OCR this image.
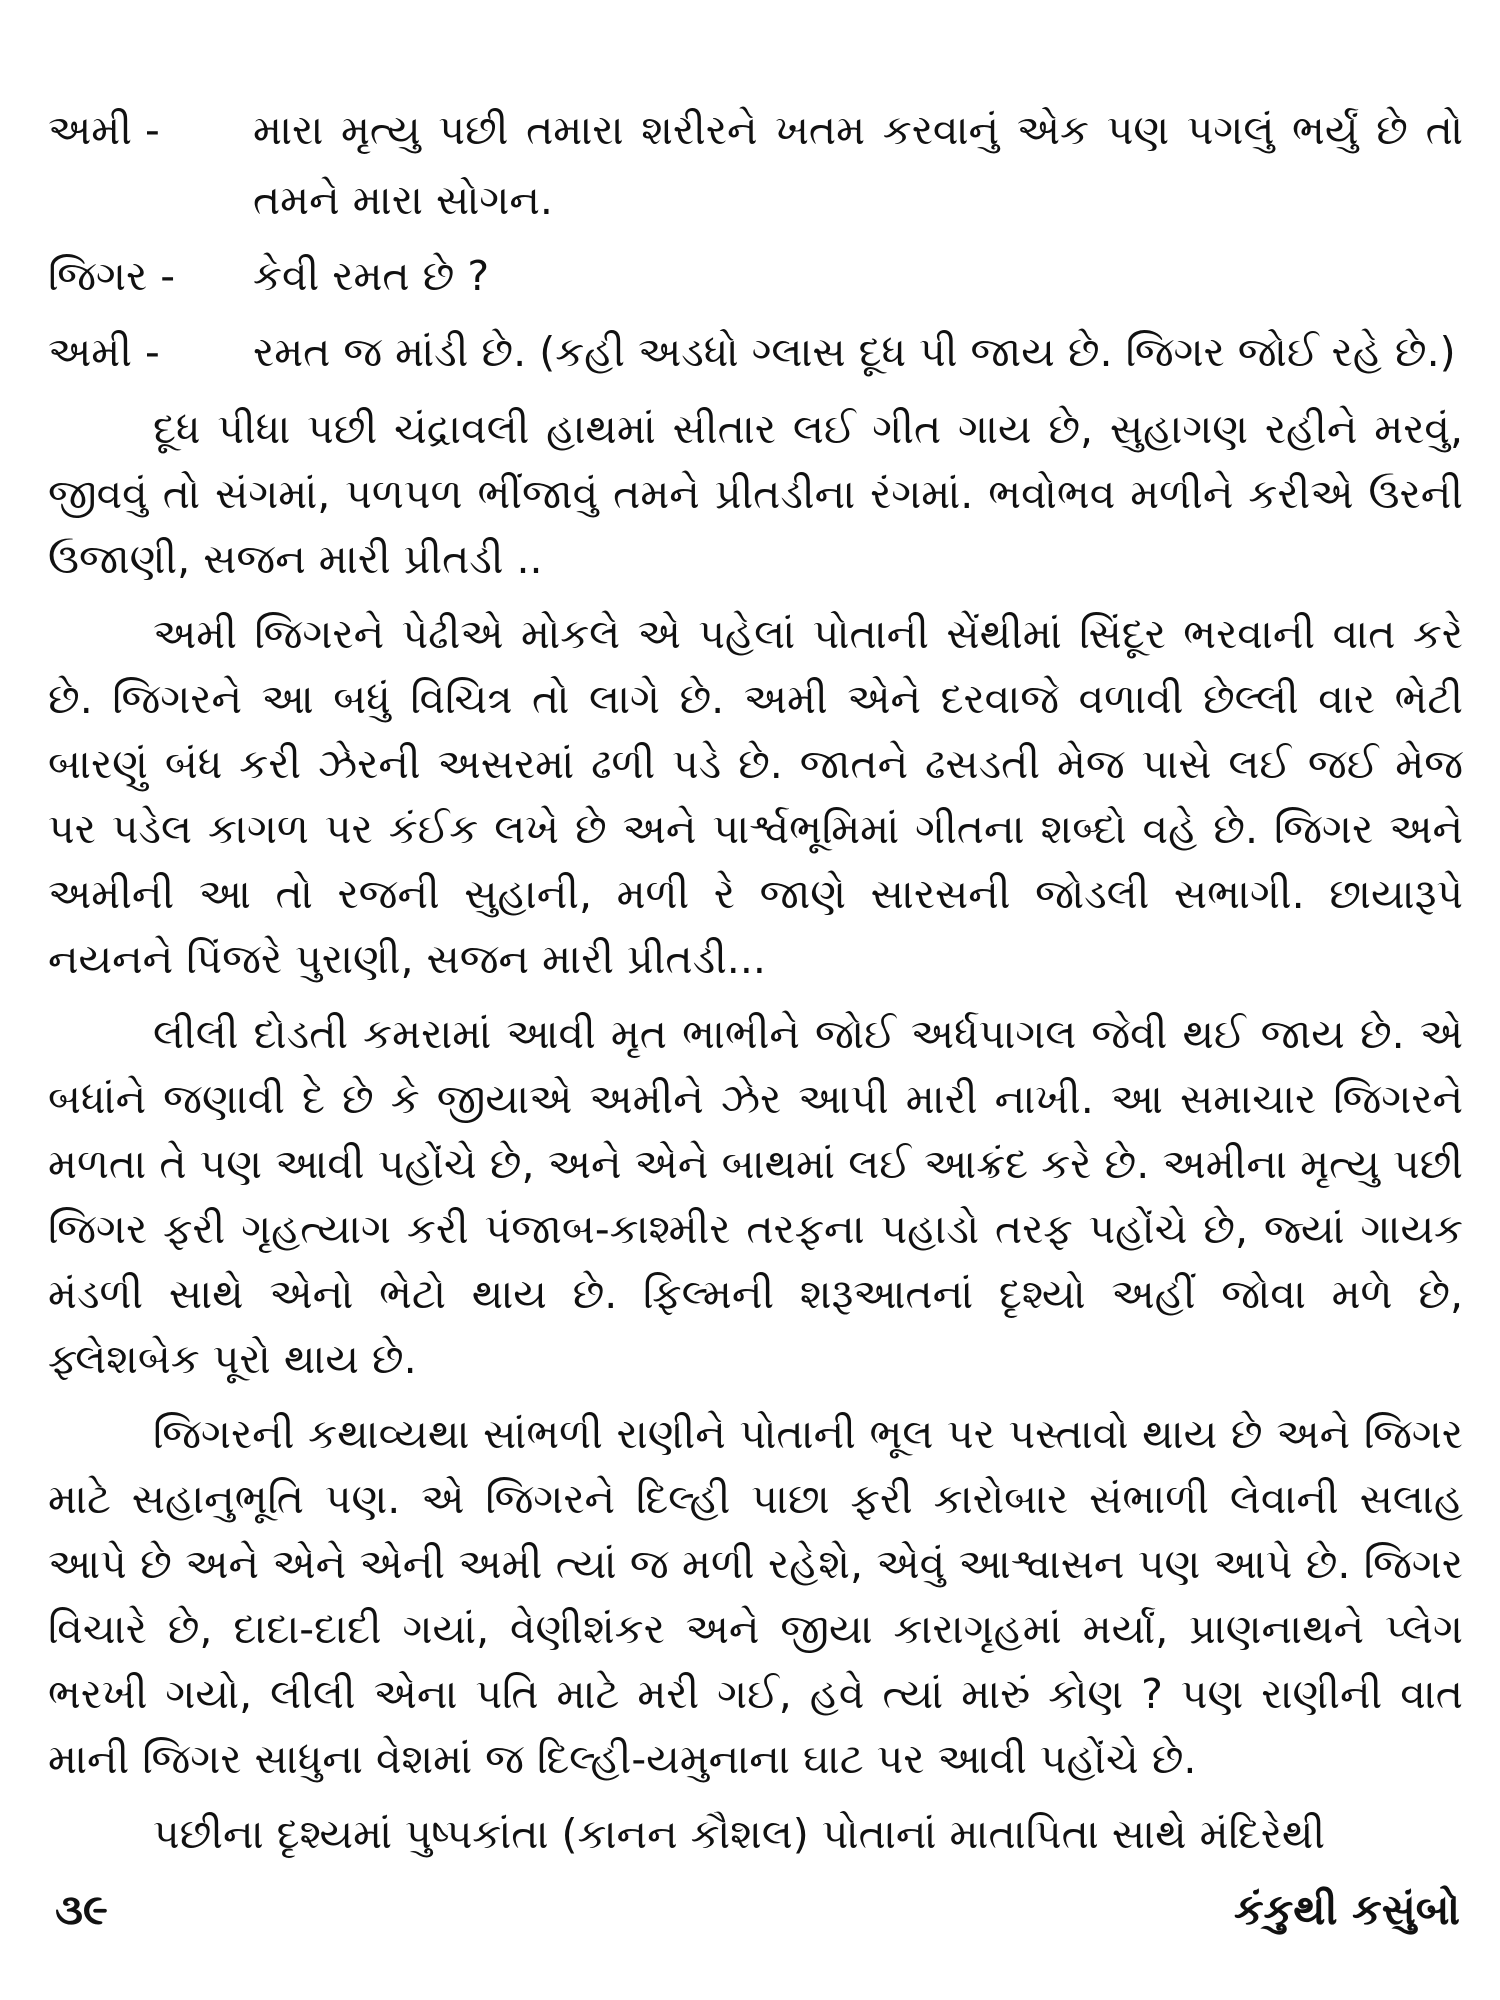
અમી -	મારા મૃત્યુ પછી તમારા શરીરને ખતમ કરવાનું એક પણ પગલું ભર્યું છે તો તમને મારા સોગન.
જિગર -	કેવી રમત છે ?
અમી -	રમત જ માંડી છે. (કહી અડધો ગ્લાસ દૂધ પી જાય છે. જિગર જોઈ રહે છે.)

દૂધ પીધા પછી ચંદ્રાવલી હાથમાં સીતાર લઈ ગીત ગાય છે, સુહાગણ રહીને મરવું, જીવવું તો સંગમાં, પળપળ ભીંજાવું તમને પ્રીતડીના રંગમાં. ભવોભવ મળીને કરીએ ઉરની ઉજાણી, સજન મારી પ્રીતડી ..

અમી જિગરને પેઢીએ મોકલે એ પહેલાં પોતાની સેંથીમાં સિંદૂર ભરવાની વાત કરે છે. જિગરને આ બધું વિચિત્ર તો લાગે છે. અમી એને દરવાજે વળાવી છેલ્લી વાર ભેટી બારણું બંધ કરી ઝેરની અસરમાં ઢળી પડે છે. જાતને ઢસડતી મેજ પાસે લઈ જઈ મેજ પર પડેલ કાગળ પર કંઈક લખે છે અને પાર્શ્વભૂમિમાં ગીતના શબ્દો વહે છે. જિગર અને અમીની આ તો રજની સુહાની, મળી રે જાણે સારસની જોડલી સભાગી. છાયારૂપે નયનને પિંજરે પુરાણી, સજન મારી પ્રીતડી...

લીલી દોડતી કમરામાં આવી મૃત ભાભીને જોઈ અર્ધપાગલ જેવી થઈ જાય છે. એ બધાંને જણાવી દે છે કે જીયાએ અમીને ઝેર આપી મારી નાખી. આ સમાચાર જિગરને મળતા તે પણ આવી પહોંચે છે, અને એને બાથમાં લઈ આક્રંદ કરે છે. અમીના મૃત્યુ પછી જિગર ફરી ગૃહત્યાગ કરી પંજાબ-કાશ્મીર તરફના પહાડો તરફ પહોંચે છે, જ્યાં ગાયક મંડળી સાથે એનો ભેટો થાય છે. ફિલ્મની શરૂઆતનાં દૃશ્યો અહીં જોવા મળે છે, ફ્લેશબેક પૂરો થાય છે.

જિગરની કથાવ્યથા સાંભળી રાણીને પોતાની ભૂલ પર પસ્તાવો થાય છે અને જિગર માટે સહાનુભૂતિ પણ. એ જિગરને દિલ્હી પાછા ફરી કારોબાર સંભાળી લેવાની સલાહ આપે છે અને એને એની અમી ત્યાં જ મળી રહેશે, એવું આશ્વાસન પણ આપે છે. જિગર વિચારે છે, દાદા-દાદી ગયાં, વેણીશંકર અને જીયા કારાગૃહમાં મર્યાં, પ્રાણનાથને પ્લેગ ભરખી ગયો, લીલી એના પતિ માટે મરી ગઈ, હવે ત્યાં મારું કોણ ? પણ રાણીની વાત માની જિગર સાધુના વેશમાં જ દિલ્હી-યમુનાના ઘાટ પર આવી પહોંચે છે.

પછીના દૃશ્યમાં પુષ્પકાંતા (કાનન કૌશલ) પોતાનાં માતાપિતા સાથે મંદિરેથી

૩૯	કંકુથી કસુંબો
